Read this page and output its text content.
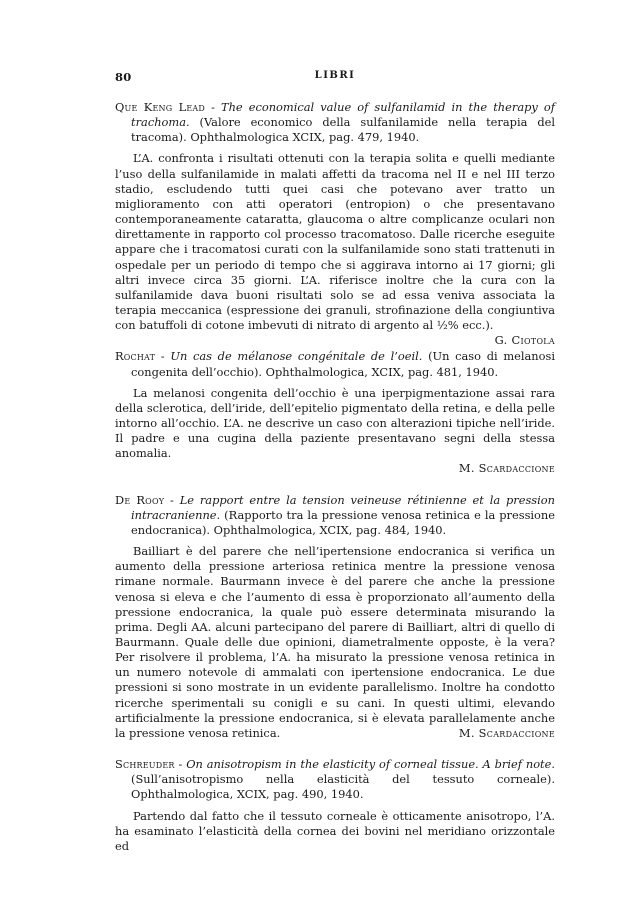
80	LIBRI

Que Keng Lead - The economical value of sulfanilamid in the therapy of trachoma. (Valore economico della sulfanilamide nella terapia del tracoma). Ophthalmologica XCIX, pag. 479, 1940.

L’A. confronta i risultati ottenuti con la terapia solita e quelli mediante l’uso della sulfanilamide in malati affetti da tracoma nel II e nel III terzo stadio, escludendo tutti quei casi che potevano aver tratto un miglioramento con atti operatori (entropion) o che presentavano contemporaneamente cataratta, glaucoma o altre complicanze oculari non direttamente in rapporto col processo tracomatoso. Dalle ricerche eseguite appare che i tracomatosi curati con la sulfanilamide sono stati trattenuti in ospedale per un periodo di tempo che si aggirava intorno ai 17 giorni; gli altri invece circa 35 giorni. L’A. riferisce inoltre che la cura con la sulfanilamide dava buoni risultati solo se ad essa veniva associata la terapia meccanica (espressione dei granuli, strofinazione della congiuntiva con batuffoli di cotone imbevuti di nitrato di argento al ½% ecc.).
G. Ciotola

Rochat - Un cas de mélanose congénitale de l’oeil. (Un caso di melanosi congenita dell’occhio). Ophthalmologica, XCIX, pag. 481, 1940.

La melanosi congenita dell’occhio è una iperpigmentazione assai rara della sclerotica, dell’iride, dell’epitelio pigmentato della retina, e della pelle intorno all’occhio. L’A. ne descrive un caso con alterazioni tipiche nell’iride. Il padre e una cugina della paziente presentavano segni della stessa anomalia.

M. Scardaccione

De Rooy - Le rapport entre la tension veineuse rétinienne et la pression intracranienne. (Rapporto tra la pressione venosa retinica e la pressione endocranica). Ophthalmologica, XCIX, pag. 484, 1940.

Bailliart è del parere che nell’ipertensione endocranica si verifica un aumento della pressione arteriosa retinica mentre la pressione venosa rimane normale. Baurmann invece è del parere che anche la pressione venosa si eleva e che l’aumento di essa è proporzionato all’aumento della pressione endocranica, la quale può essere determinata misurando la prima. Degli AA. alcuni partecipano del parere di Bailliart, altri di quello di Baurmann. Quale delle due opinioni, diametralmente opposte, è la vera? Per risolvere il problema, l’A. ha misurato la pressione venosa retinica in un numero notevole di ammalati con ipertensione endocranica. Le due pressioni si sono mostrate in un evidente parallelismo. Inoltre ha condotto ricerche sperimentali su conigli e su cani. In questi ultimi, elevando artificialmente la pressione endocranica, si è elevata parallelamente anche la pressione venosa retinica.	M. Scardaccione

Schreuder - On anisotropism in the elasticity of corneal tissue. A brief note. (Sull’anisotropismo nella elasticità del tessuto corneale). Ophthalmologica, XCIX, pag. 490, 1940.

Partendo dal fatto che il tessuto corneale è otticamente anisotropo, l’A. ha esaminato l’elasticità della cornea dei bovini nel meridiano orizzontale ed
